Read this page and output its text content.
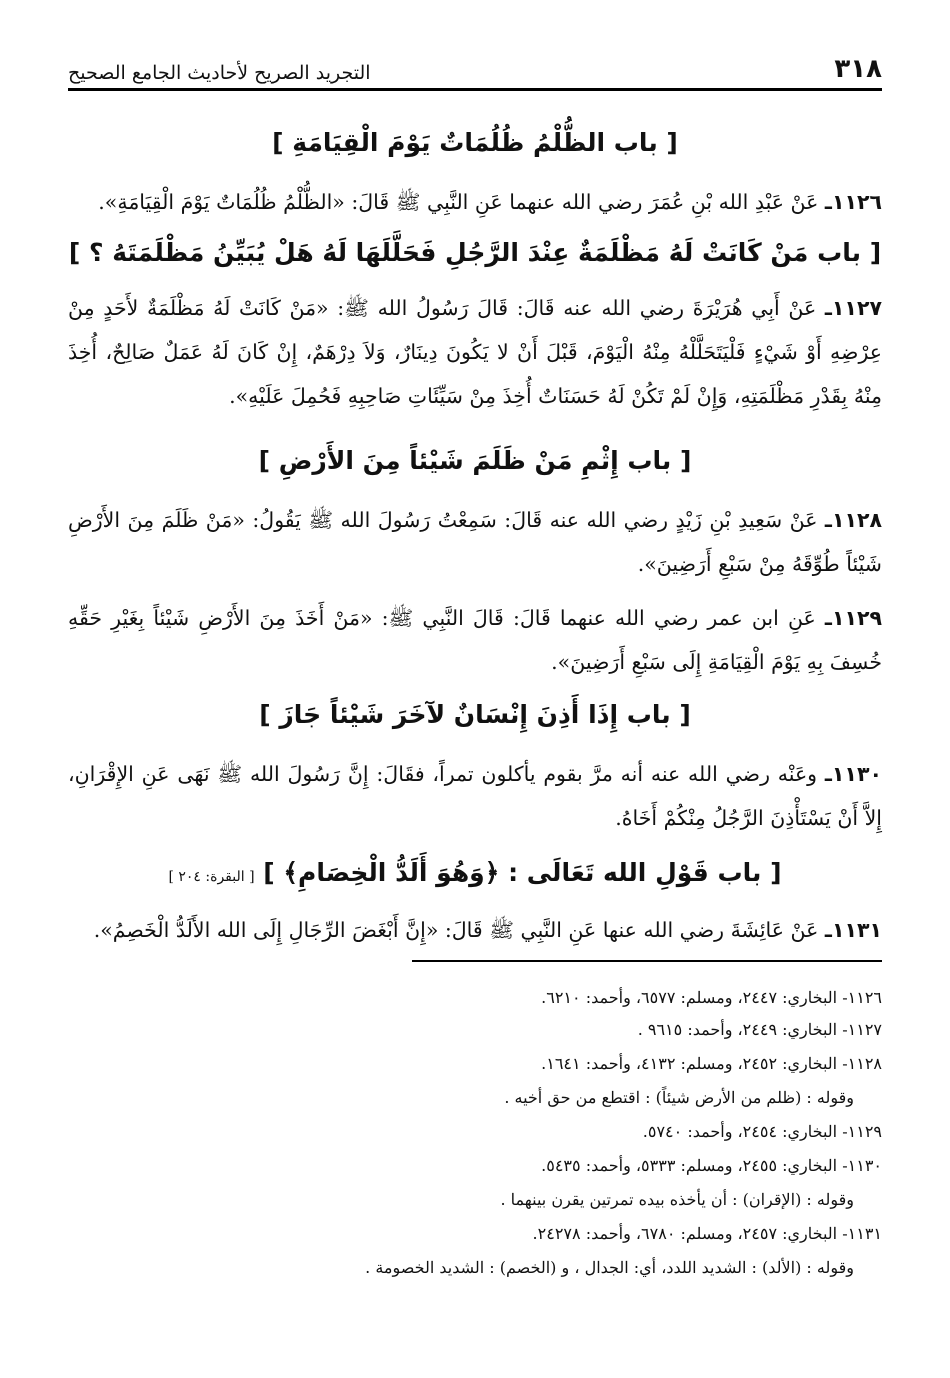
٣١٨
التجريد الصريح لأحاديث الجامع الصحيح
[ باب الظُّلْمُ ظُلُمَاتٌ يَوْمَ الْقِيَامَةِ ]
١١٢٦ـ عَنْ عَبْدِ الله بْنِ عُمَرَ رضي الله عنهما عَنِ النَّبِي ﷺ قَالَ: «الظُّلْمُ ظُلُمَاتٌ يَوْمَ الْقِيَامَةِ».
[ باب مَنْ كَانَتْ لَهُ مَظْلَمَةٌ عِنْدَ الرَّجُلِ فَحَلَّلَهَا لَهُ هَلْ يُبَيِّنُ مَظْلَمَتَهُ ؟ ]
١١٢٧ـ عَنْ أَبِي هُرَيْرَةَ رضي الله عنه قَالَ: قَالَ رَسُولُ الله ﷺ: «مَنْ كَانَتْ لَهُ مَظْلَمَةٌ لأَحَدٍ مِنْ عِرْضِهِ أَوْ شَيْءٍ فَلْيَتَحَلَّلْهُ مِنْهُ الْيَوْمَ، قَبْلَ أَنْ لا يَكُونَ دِينَارٌ، وَلاَ دِرْهَمٌ، إِنْ كَانَ لَهُ عَمَلٌ صَالِحٌ، أُخِذَ مِنْهُ بِقَدْرِ مَظْلَمَتِهِ، وَإِنْ لَمْ تَكُنْ لَهُ حَسَنَاتٌ أُخِذَ مِنْ سَيِّئَاتِ صَاحِبِهِ فَحُمِلَ عَلَيْهِ».
[ باب إِثْمِ مَنْ ظَلَمَ شَيْئاً مِنَ الأَرْضِ ]
١١٢٨ـ عَنْ سَعِيدِ بْنِ زَيْدٍ رضي الله عنه قَالَ: سَمِعْتُ رَسُولَ الله ﷺ يَقُولُ: «مَنْ ظَلَمَ مِنَ الأَرْضِ شَيْئاً طُوِّقَهُ مِنْ سَبْعِ أَرَضِينَ».
١١٢٩ـ عَنِ ابن عمر رضي الله عنهما قَالَ: قَالَ النَّبِي ﷺ: «مَنْ أَخَذَ مِنَ الأَرْضِ شَيْئاً بِغَيْرِ حَقِّهِ خُسِفَ بِهِ يَوْمَ الْقِيَامَةِ إِلَى سَبْعِ أَرَضِينَ».
[ باب إِذَا أَذِنَ إِنْسَانٌ لآخَرَ شَيْئاً جَازَ ]
١١٣٠ـ وعَنْه رضي الله عنه أنه مرَّ بقوم يأكلون تمراً، فقَالَ: إِنَّ رَسُولَ الله ﷺ نَهَى عَنِ الإِقْرَانِ، إِلاَّ أَنْ يَسْتَأْذِنَ الرَّجُلُ مِنْكُمْ أَخَاهُ.
[ باب قَوْلِ الله تَعَالَى : ﴿وَهُوَ أَلَدُّ الْخِصَامِ﴾ ] [ البقرة: ٢٠٤ ]
١١٣١ـ عَنْ عَائِشَةَ رضي الله عنها عَنِ النَّبِي ﷺ قَالَ: «إِنَّ أَبْغَضَ الرِّجَالِ إِلَى الله الأَلَدُّ الْخَصِمُ».
١١٢٦- البخاري: ٢٤٤٧، ومسلم: ٦٥٧٧، وأحمد: ٦٢١٠.
١١٢٧- البخاري: ٢٤٤٩، وأحمد: ٩٦١٥ .
١١٢٨- البخاري: ٢٤٥٢، ومسلم: ٤١٣٢، وأحمد: ١٦٤١.
وقوله : (ظلم من الأرض شيئاً) : اقتطع من حق أخيه .
١١٢٩- البخاري: ٢٤٥٤، وأحمد: ٥٧٤٠.
١١٣٠- البخاري: ٢٤٥٥، ومسلم: ٥٣٣٣، وأحمد: ٥٤٣٥.
وقوله : (الإقران) : أن يأخذه بيده تمرتين يقرن بينهما .
١١٣١- البخاري: ٢٤٥٧، ومسلم: ٦٧٨٠، وأحمد: ٢٤٢٧٨.
وقوله : (الألد) : الشديد اللدد، أي: الجدال ، و (الخصم) : الشديد الخصومة .
